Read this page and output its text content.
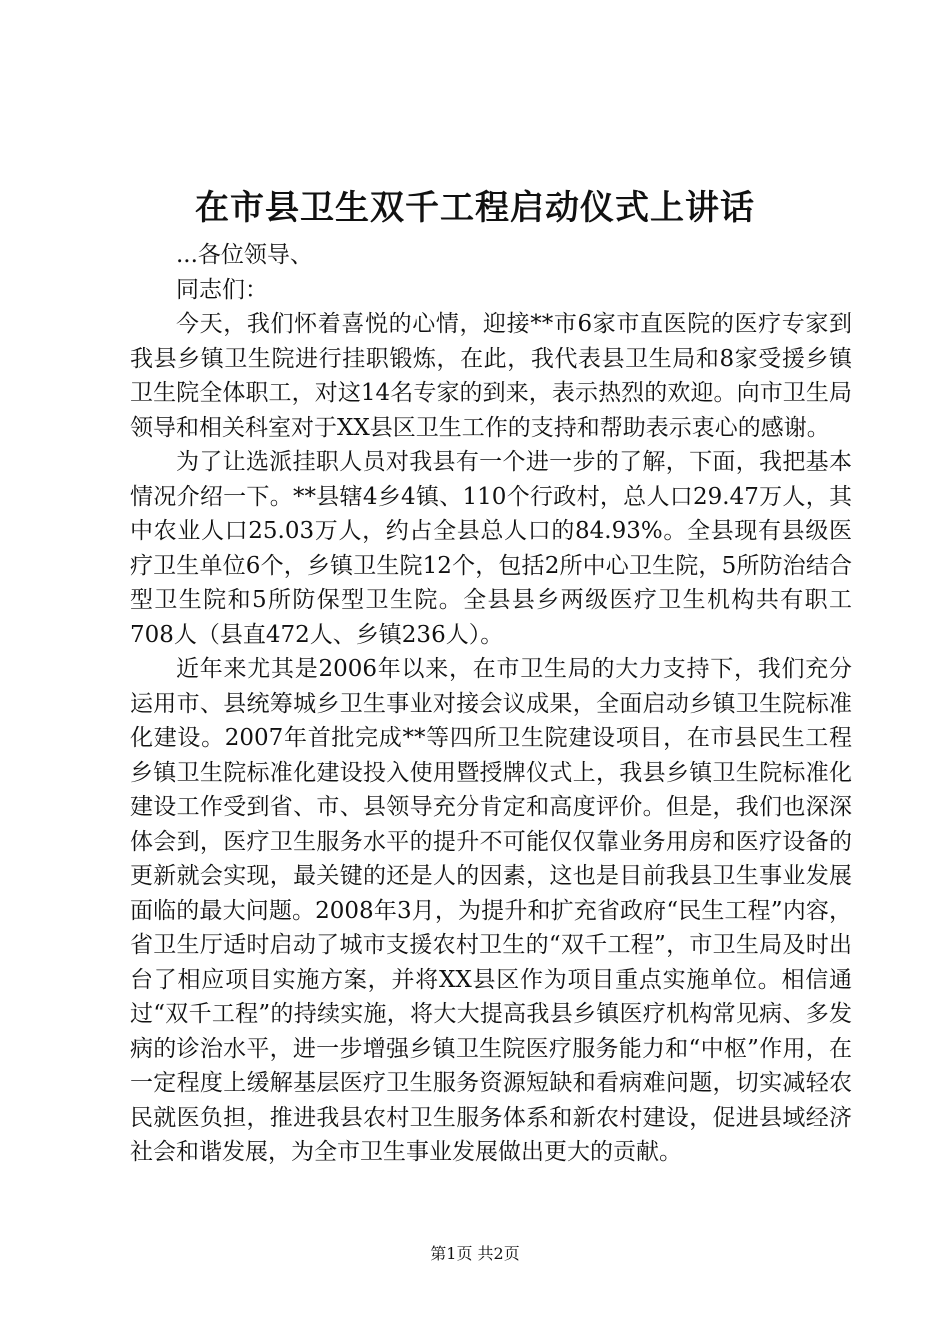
在市县卫生双千工程启动仪式上讲话

...各位领导、

同志们：

今天，我们怀着喜悦的心情，迎接**市6家市直医院的医疗专家到我县乡镇卫生院进行挂职锻炼，在此，我代表县卫生局和8家受援乡镇卫生院全体职工，对这14名专家的到来，表示热烈的欢迎。向市卫生局领导和相关科室对于XX县区卫生工作的支持和帮助表示衷心的感谢。

为了让选派挂职人员对我县有一个进一步的了解，下面，我把基本情况介绍一下。**县辖4乡4镇、110个行政村，总人口29.47万人，其中农业人口25.03万人，约占全县总人口的84.93%。全县现有县级医疗卫生单位6个，乡镇卫生院12个，包括2所中心卫生院，5所防治结合型卫生院和5所防保型卫生院。全县县乡两级医疗卫生机构共有职工708人（县直472人、乡镇236人）。

近年来尤其是2006年以来，在市卫生局的大力支持下，我们充分运用市、县统筹城乡卫生事业对接会议成果，全面启动乡镇卫生院标准化建设。2007年首批完成**等四所卫生院建设项目，在市县民生工程乡镇卫生院标准化建设投入使用暨授牌仪式上，我县乡镇卫生院标准化建设工作受到省、市、县领导充分肯定和高度评价。但是，我们也深深体会到，医疗卫生服务水平的提升不可能仅仅靠业务用房和医疗设备的更新就会实现，最关键的还是人的因素，这也是目前我县卫生事业发展面临的最大问题。2008年3月，为提升和扩充省政府“民生工程”内容，省卫生厅适时启动了城市支援农村卫生的“双千工程”，市卫生局及时出台了相应项目实施方案，并将XX县区作为项目重点实施单位。相信通过“双千工程”的持续实施，将大大提高我县乡镇医疗机构常见病、多发病的诊治水平，进一步增强乡镇卫生院医疗服务能力和“中枢”作用，在一定程度上缓解基层医疗卫生服务资源短缺和看病难问题，切实减轻农民就医负担，推进我县农村卫生服务体系和新农村建设，促进县域经济社会和谐发展，为全市卫生事业发展做出更大的贡献。

第1页 共2页
